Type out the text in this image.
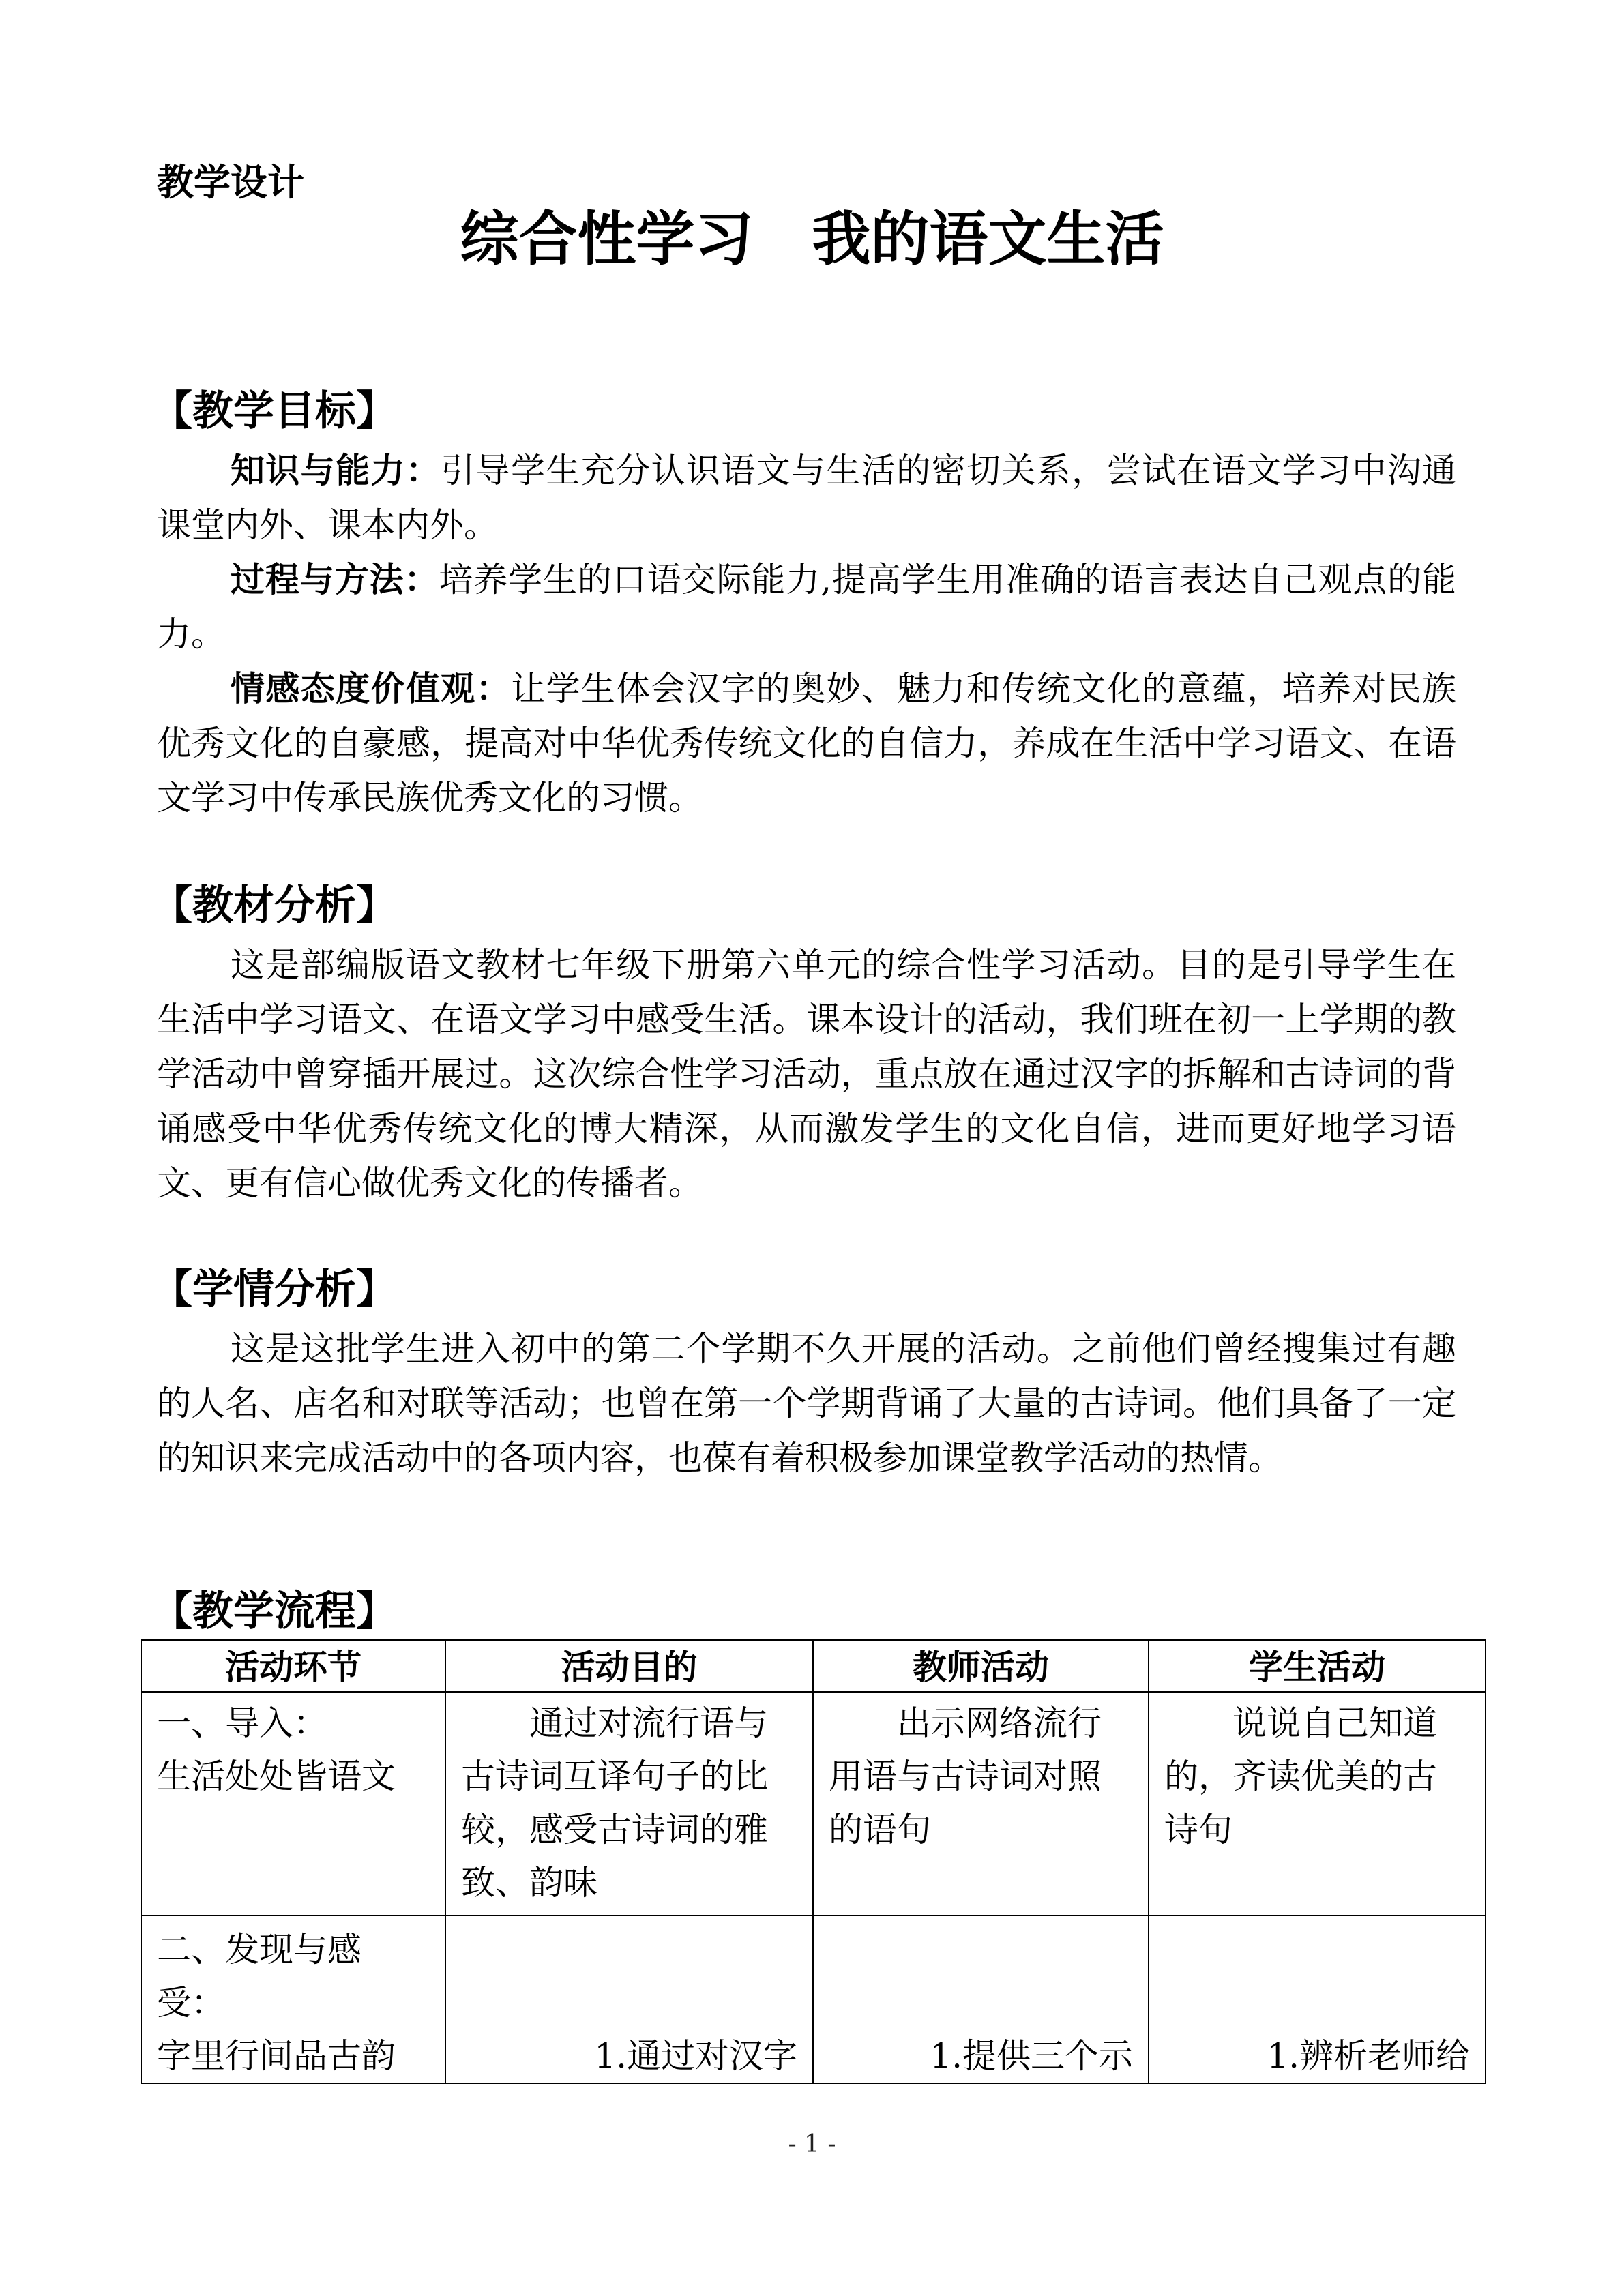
教学设计

综合性学习　我的语文生活
【教学目标】

知识与能力：引导学生充分认识语文与生活的密切关系，尝试在语文学习中沟通课堂内外、课本内外。

过程与方法：培养学生的口语交际能力,提高学生用准确的语言表达自己观点的能力。

情感态度价值观：让学生体会汉字的奥妙、魅力和传统文化的意蕴，培养对民族优秀文化的自豪感，提高对中华优秀传统文化的自信力，养成在生活中学习语文、在语文学习中传承民族优秀文化的习惯。

【教材分析】

这是部编版语文教材七年级下册第六单元的综合性学习活动。目的是引导学生在生活中学习语文、在语文学习中感受生活。课本设计的活动，我们班在初一上学期的教学活动中曾穿插开展过。这次综合性学习活动，重点放在通过汉字的拆解和古诗词的背诵感受中华优秀传统文化的博大精深，从而激发学生的文化自信，进而更好地学习语文、更有信心做优秀文化的传播者。

【学情分析】

这是这批学生进入初中的第二个学期不久开展的活动。之前他们曾经搜集过有趣的人名、店名和对联等活动；也曾在第一个学期背诵了大量的古诗词。他们具备了一定的知识来完成活动中的各项内容，也葆有着积极参加课堂教学活动的热情。

【教学流程】
活动环节	活动目的	教师活动	学生活动

一、导入：
生活处处皆语文	通过对流行语与古诗词互译句子的比较，感受古诗词的雅致、韵味	出示网络流行用语与古诗词对照的语句	说说自己知道的，齐读优美的古诗句

二、发现与感
受：
字里行间品古韵	1.通过对汉字	1.提供三个示	1.辨析老师给
- 1 -
